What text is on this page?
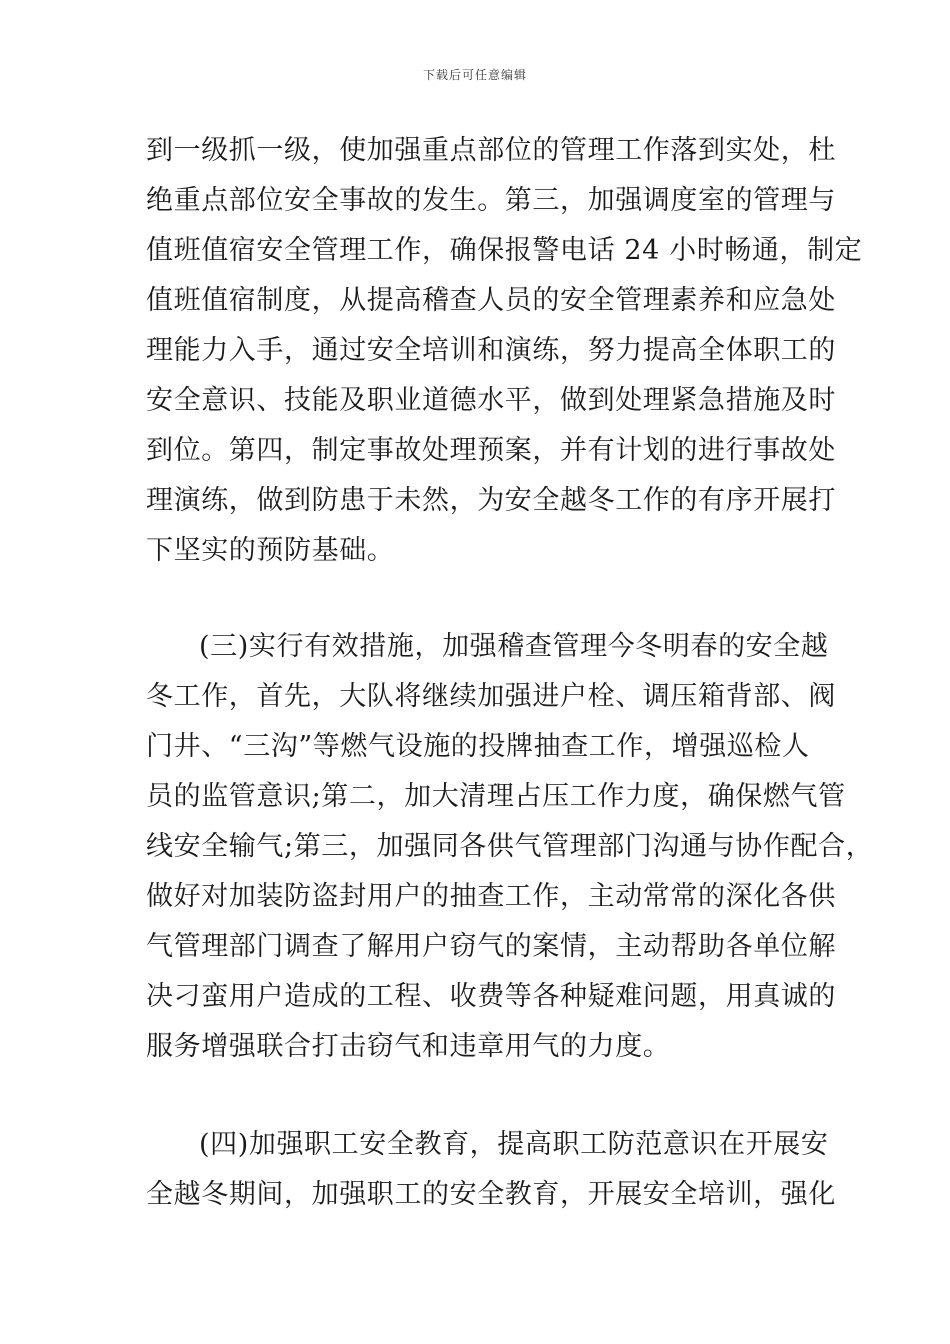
下载后可任意编辑
到一级抓一级，使加强重点部位的管理工作落到实处，杜
绝重点部位安全事故的发生。第三，加强调度室的管理与
值班值宿安全管理工作，确保报警电话 24 小时畅通，制定
值班值宿制度，从提高稽查人员的安全管理素养和应急处
理能力入手，通过安全培训和演练，努力提高全体职工的
安全意识、技能及职业道德水平，做到处理紧急措施及时
到位。第四，制定事故处理预案，并有计划的进行事故处
理演练，做到防患于未然，为安全越冬工作的有序开展打
下坚实的预防基础。
(三)实行有效措施，加强稽查管理今冬明春的安全越
冬工作，首先，大队将继续加强进户栓、调压箱背部、阀
门井、“三沟”等燃气设施的投牌抽查工作，增强巡检人
员的监管意识;第二，加大清理占压工作力度，确保燃气管
线安全输气;第三，加强同各供气管理部门沟通与协作配合，
做好对加装防盗封用户的抽查工作，主动常常的深化各供
气管理部门调查了解用户窃气的案情，主动帮助各单位解
决刁蛮用户造成的工程、收费等各种疑难问题，用真诚的
服务增强联合打击窃气和违章用气的力度。
(四)加强职工安全教育，提高职工防范意识在开展安
全越冬期间，加强职工的安全教育，开展安全培训，强化
